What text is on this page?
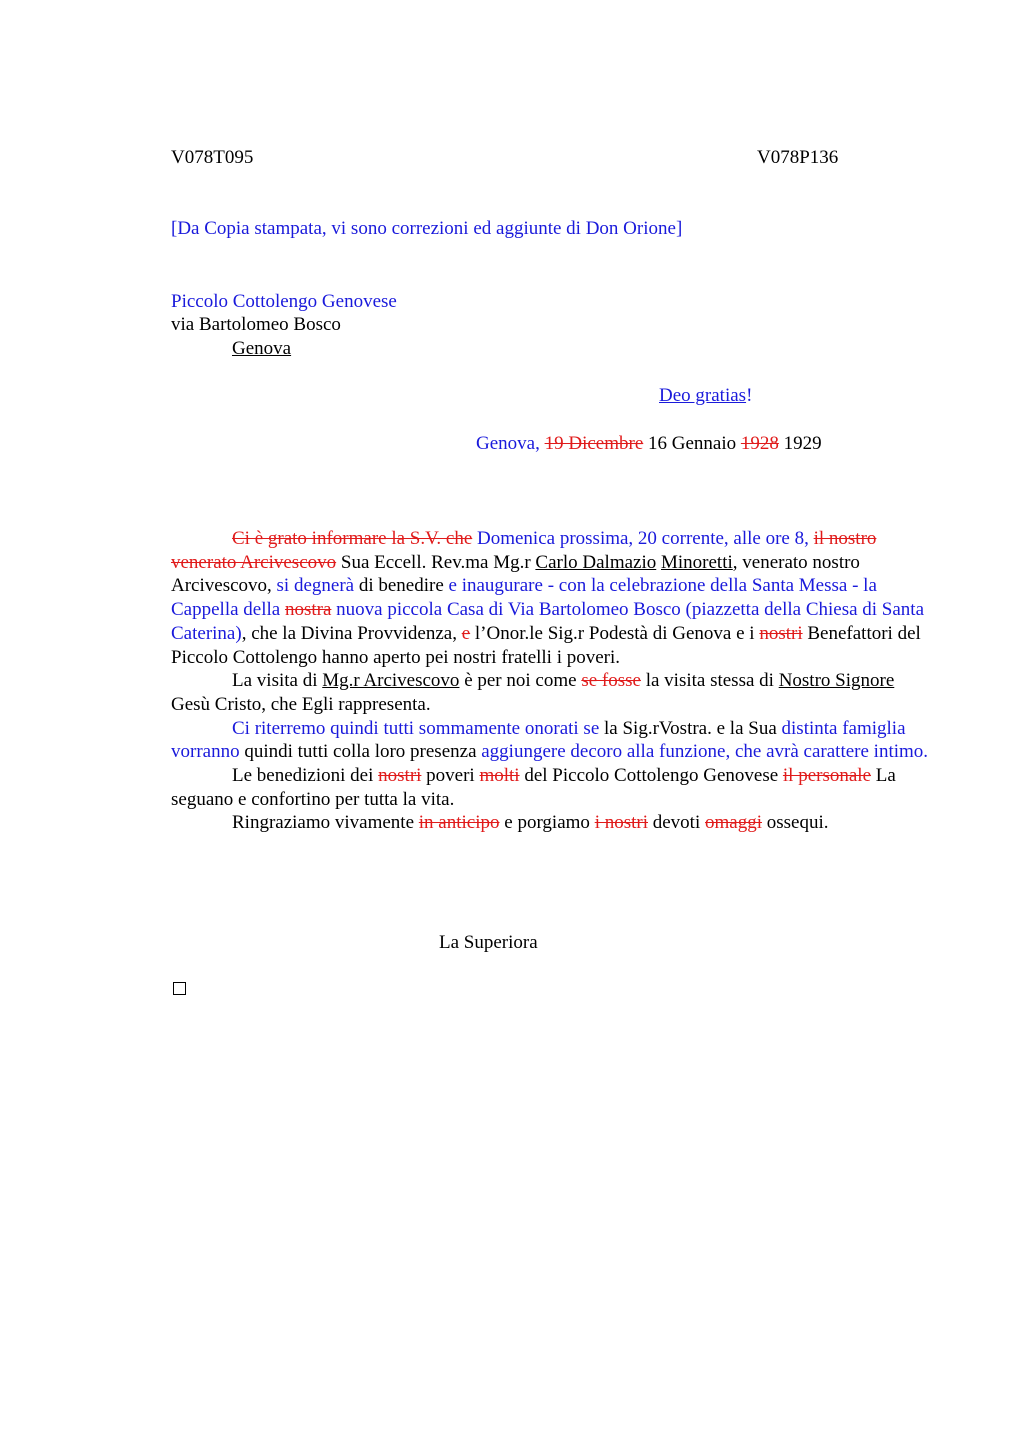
V078T095	V078P136
[Da Copia stampata, vi sono correzioni ed aggiunte di Don Orione]
Piccolo Cottolengo Genovese
via Bartolomeo Bosco
Genova
Deo gratias!
Genova, 19 Dicembre 16 Gennaio 1928 1929

Ci è grato informare la S.V. che Domenica prossima, 20 corrente, alle ore 8, il nostro venerato Arcivescovo Sua Eccell. Rev.ma Mg.r Carlo Dalmazio Minoretti, venerato nostro Arcivescovo, si degnerà di benedire e inaugurare - con la celebrazione della Santa Messa - la Cappella della nostra nuova piccola Casa di Via Bartolomeo Bosco (piazzetta della Chiesa di Santa Caterina), che la Divina Provvidenza, e l’Onor.le Sig.r Podestà di Genova e i nostri Benefattori del Piccolo Cottolengo hanno aperto pei nostri fratelli i poveri.

La visita di Mg.r Arcivescovo è per noi come se fosse la visita stessa di Nostro Signore Gesù Cristo, che Egli rappresenta.

Ci riterremo quindi tutti sommamente onorati se la Sig.rVostra. e la Sua distinta famiglia vorranno quindi tutti colla loro presenza aggiungere decoro alla funzione, che avrà carattere intimo.

Le benedizioni dei nostri poveri molti del Piccolo Cottolengo Genovese il personale La seguano e confortino per tutta la vita.

Ringraziamo vivamente in anticipo e porgiamo i nostri devoti omaggi ossequi.

La Superiora
